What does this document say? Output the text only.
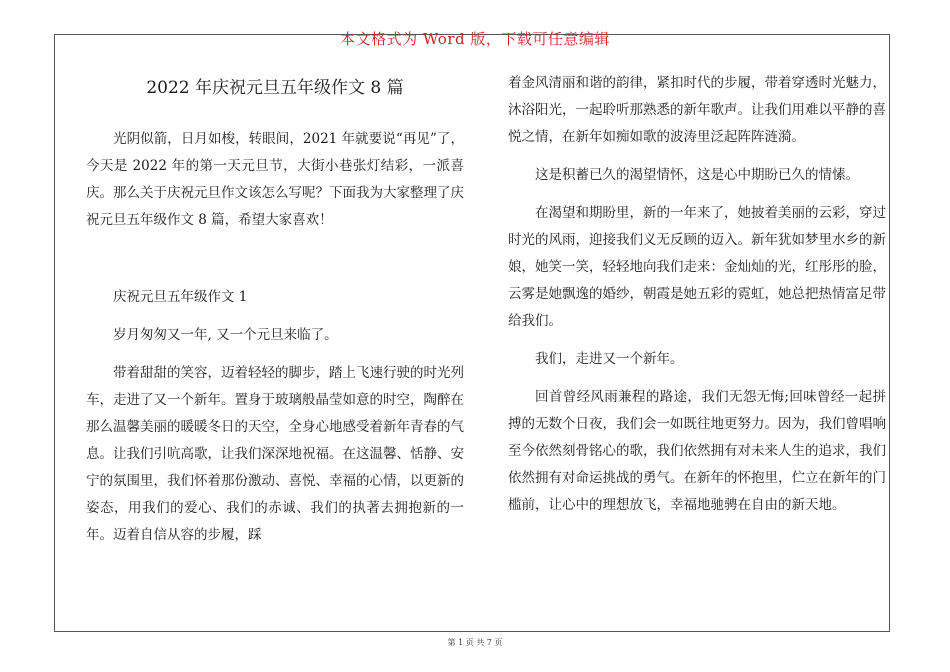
本文格式为 Word 版，下载可任意编辑
2022 年庆祝元旦五年级作文 8 篇

光阴似箭，日月如梭，转眼间，2021 年就要说“再见”了，今天是 2022 年的第一天元旦节，大街小巷张灯结彩，一派喜庆。那么关于庆祝元旦作文该怎么写呢？下面我为大家整理了庆祝元旦五年级作文 8 篇，希望大家喜欢！

庆祝元旦五年级作文 1

岁月匆匆又一年, 又一个元旦来临了。

带着甜甜的笑容，迈着轻轻的脚步，踏上飞速行驶的时光列车，走进了又一个新年。置身于玻璃般晶莹如意的时空，陶醉在那么温馨美丽的暖暖冬日的天空，全身心地感受着新年青春的气息。让我们引吭高歌，让我们深深地祝福。在这温馨、恬静、安宁的氛围里，我们怀着那份激动、喜悦、幸福的心情，以更新的姿态，用我们的爱心、我们的赤诚、我们的执著去拥抱新的一年。迈着自信从容的步履，踩

着金风清丽和谐的韵律，紧扣时代的步履，带着穿透时光魅力，沐浴阳光，一起聆听那熟悉的新年歌声。让我们用难以平静的喜悦之情，在新年如痴如歌的波涛里泛起阵阵涟漪。

这是积蓄已久的渴望情怀，这是心中期盼已久的情愫。

在渴望和期盼里，新的一年来了，她披着美丽的云彩，穿过时光的风雨，迎接我们义无反顾的迈入。新年犹如梦里水乡的新娘，她笑一笑，轻轻地向我们走来：金灿灿的光，红彤彤的脸，云雾是她飘逸的婚纱，朝霞是她五彩的霓虹，她总把热情富足带给我们。

我们，走进又一个新年。

回首曾经风雨兼程的路途，我们无怨无悔;回味曾经一起拼搏的无数个日夜，我们会一如既往地更努力。因为，我们曾唱响至今依然刻骨铭心的歌，我们依然拥有对未来人生的追求，我们依然拥有对命运挑战的勇气。在新年的怀抱里，伫立在新年的门槛前，让心中的理想放飞，幸福地驰骋在自由的新天地。

第 1 页 共 7 页
